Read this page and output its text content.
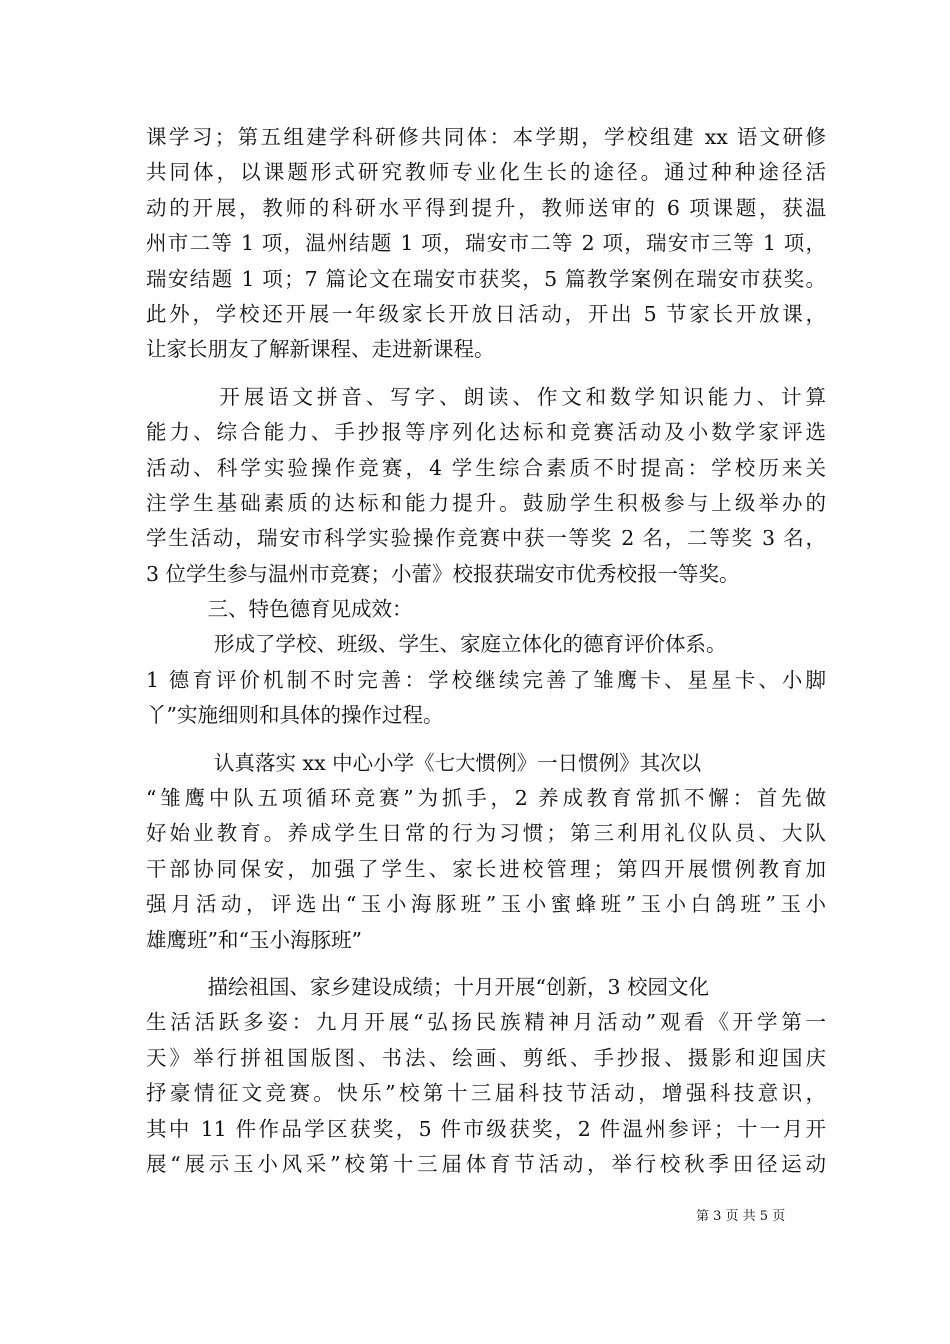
课学习；第五组建学科研修共同体：本学期，学校组建 xx 语文研修
共同体，以课题形式研究教师专业化生长的途径。通过种种途径活
动的开展，教师的科研水平得到提升，教师送审的 6 项课题，获温
州市二等 1 项，温州结题 1 项，瑞安市二等 2 项，瑞安市三等 1 项，
瑞安结题 1 项；7 篇论文在瑞安市获奖，5 篇教学案例在瑞安市获奖。
此外，学校还开展一年级家长开放日活动，开出 5 节家长开放课，
让家长朋友了解新课程、走进新课程。
　　　开展语文拼音、写字、朗读、作文和数学知识能力、计算
能力、综合能力、手抄报等序列化达标和竞赛活动及小数学家评选
活动、科学实验操作竞赛，4 学生综合素质不时提高：学校历来关
注学生基础素质的达标和能力提升。鼓励学生积极参与上级举办的
学生活动，瑞安市科学实验操作竞赛中获一等奖 2 名，二等奖 3 名，
3 位学生参与温州市竞赛；小蕾》校报获瑞安市优秀校报一等奖。
　　　三、特色德育见成效：
　　　 形成了学校、班级、学生、家庭立体化的德育评价体系。
1 德育评价机制不时完善：学校继续完善了雏鹰卡、星星卡、小脚
丫”实施细则和具体的操作过程。
　　　 认真落实 xx 中心小学《七大惯例》一日惯例》其次以
“雏鹰中队五项循环竞赛”为抓手，2 养成教育常抓不懈：首先做
好始业教育。养成学生日常的行为习惯；第三利用礼仪队员、大队
干部协同保安，加强了学生、家长进校管理；第四开展惯例教育加
强月活动，评选出“玉小海豚班”玉小蜜蜂班”玉小白鸽班”玉小
雄鹰班”和“玉小海豚班”
　　　描绘祖国、家乡建设成绩；十月开展“创新，3 校园文化
生活活跃多姿：九月开展“弘扬民族精神月活动”观看《开学第一
天》举行拼祖国版图、书法、绘画、剪纸、手抄报、摄影和迎国庆
抒豪情征文竞赛。快乐”校第十三届科技节活动，增强科技意识，
其中 11 件作品学区获奖，5 件市级获奖，2 件温州参评；十一月开
展“展示玉小风采”校第十三届体育节活动，举行校秋季田径运动
第 3 页 共 5 页
